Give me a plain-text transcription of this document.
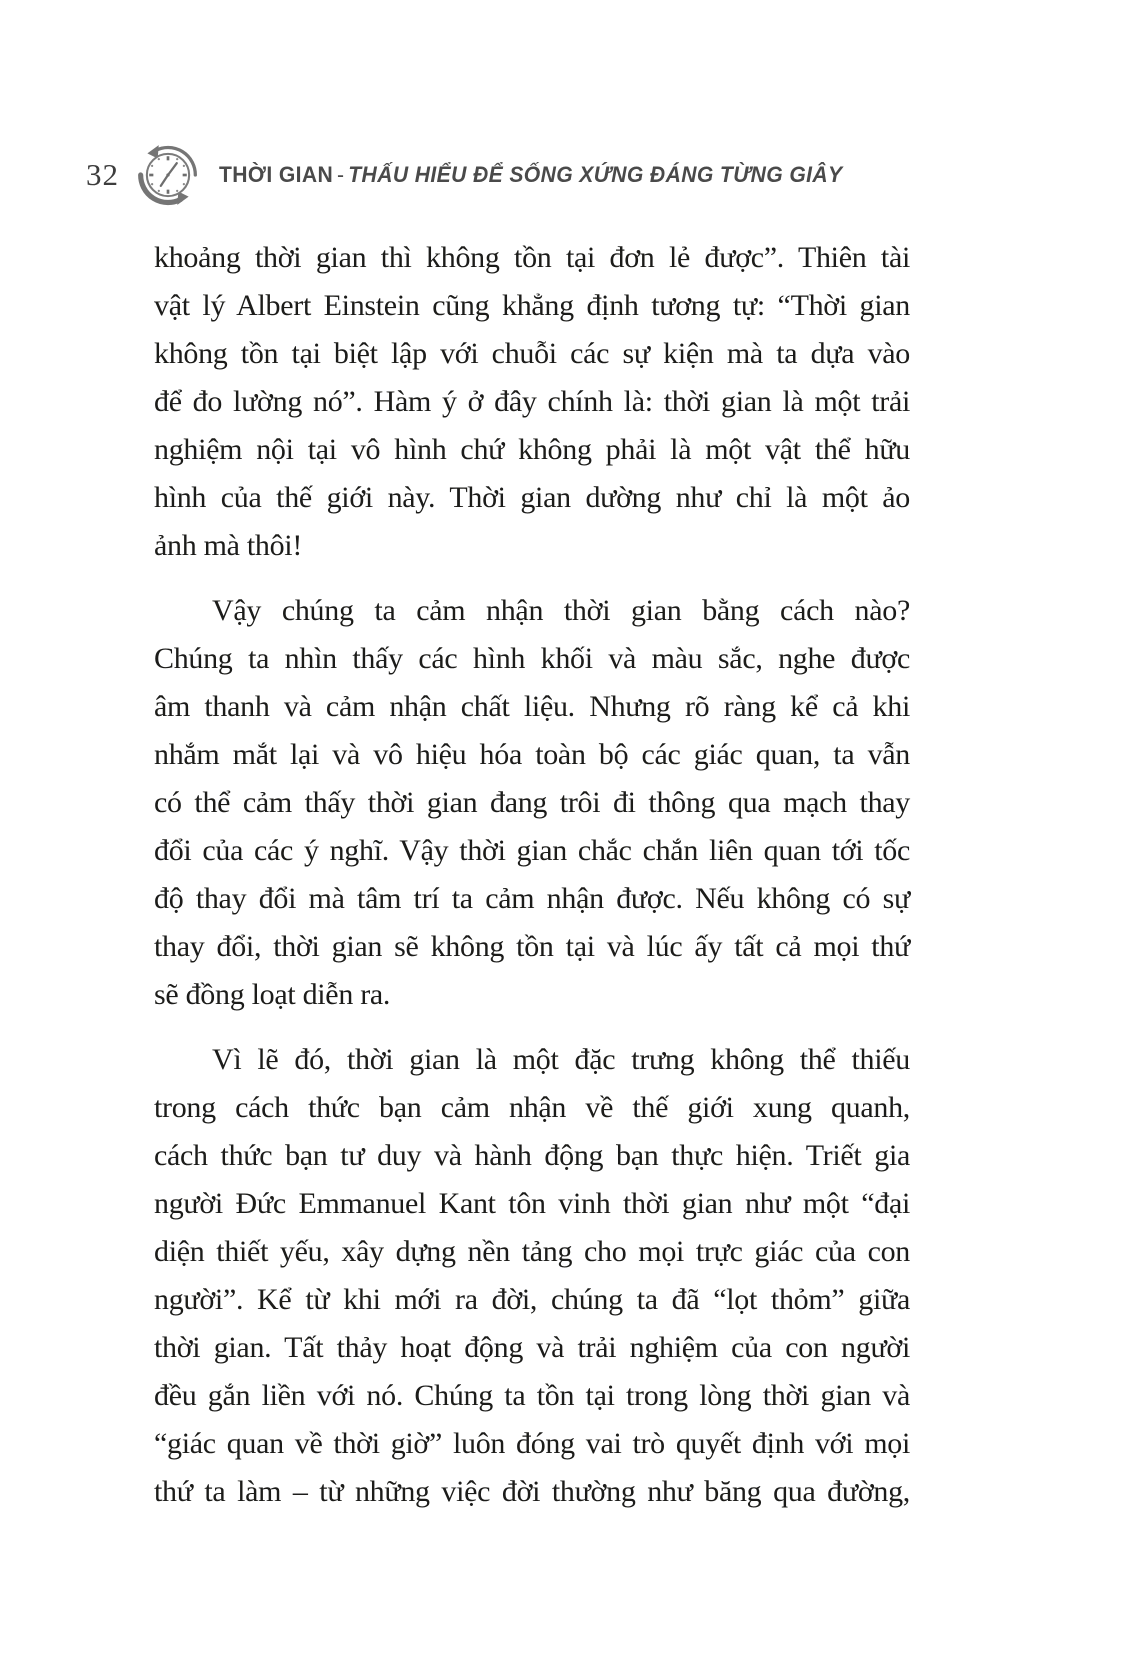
32	THỜI GIAN - THẤU HIỂU ĐỂ SỐNG XỨNG ĐÁNG TỪNG GIÂY
khoảng thời gian thì không tồn tại đơn lẻ được”. Thiên tài
vật lý Albert Einstein cũng khẳng định tương tự: “Thời gian
không tồn tại biệt lập với chuỗi các sự kiện mà ta dựa vào
để đo lường nó”. Hàm ý ở đây chính là: thời gian là một trải
nghiệm nội tại vô hình chứ không phải là một vật thể hữu
hình của thế giới này. Thời gian dường như chỉ là một ảo
ảnh mà thôi!
Vậy chúng ta cảm nhận thời gian bằng cách nào?
Chúng ta nhìn thấy các hình khối và màu sắc, nghe được
âm thanh và cảm nhận chất liệu. Nhưng rõ ràng kể cả khi
nhắm mắt lại và vô hiệu hóa toàn bộ các giác quan, ta vẫn
có thể cảm thấy thời gian đang trôi đi thông qua mạch thay
đổi của các ý nghĩ. Vậy thời gian chắc chắn liên quan tới tốc
độ thay đổi mà tâm trí ta cảm nhận được. Nếu không có sự
thay đổi, thời gian sẽ không tồn tại và lúc ấy tất cả mọi thứ
sẽ đồng loạt diễn ra.
Vì lẽ đó, thời gian là một đặc trưng không thể thiếu
trong cách thức bạn cảm nhận về thế giới xung quanh,
cách thức bạn tư duy và hành động bạn thực hiện. Triết gia
người Đức Emmanuel Kant tôn vinh thời gian như một “đại
diện thiết yếu, xây dựng nền tảng cho mọi trực giác của con
người”. Kể từ khi mới ra đời, chúng ta đã “lọt thỏm” giữa
thời gian. Tất thảy hoạt động và trải nghiệm của con người
đều gắn liền với nó. Chúng ta tồn tại trong lòng thời gian và
“giác quan về thời giờ” luôn đóng vai trò quyết định với mọi
thứ ta làm – từ những việc đời thường như băng qua đường,
